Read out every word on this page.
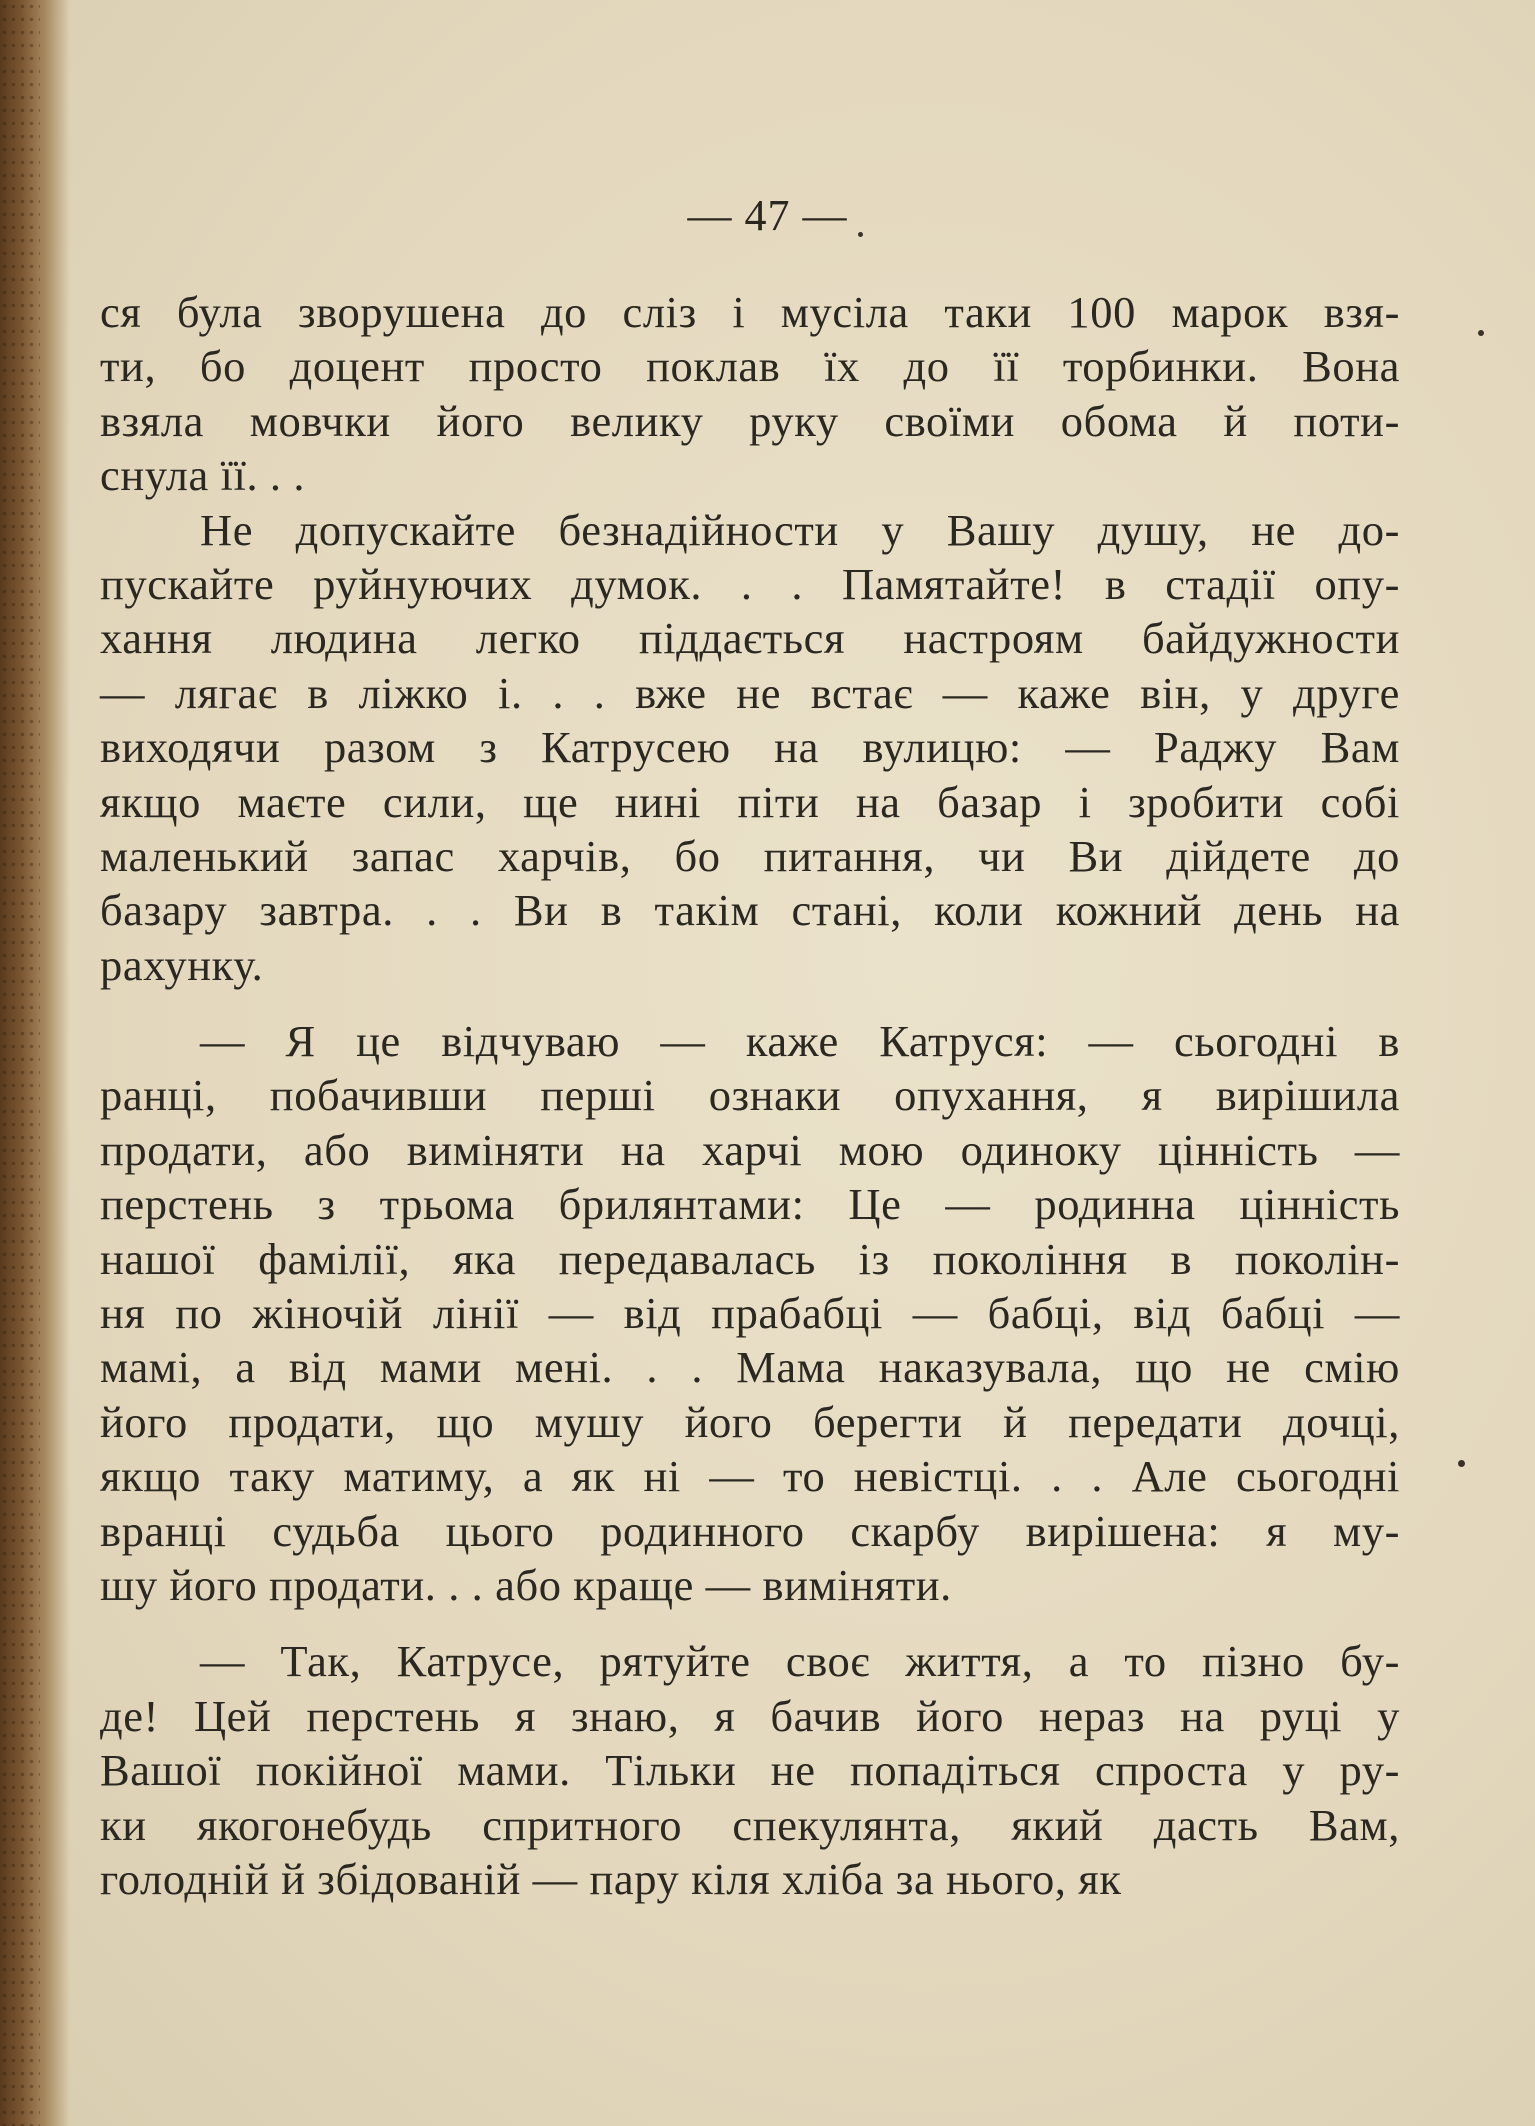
— 47 —
ся була зворушена до сліз і мусіла таки 100 марок взя-
ти, бо доцент просто поклав їх до її торбинки. Вона
взяла мовчки його велику руку своїми обома й поти-
снула її. . .
Не допускайте безнадійности у Вашу душу, не до-
пускайте руйнуючих думок. . . Памятайте! в стадії опу-
хання людина легко піддається настроям байдужности
— лягає в ліжко і. . . вже не встає — каже він, у друге
виходячи разом з Катрусею на вулицю: — Раджу Вам
якщо маєте сили, ще нині піти на базар і зробити собі
маленький запас харчів, бо питання, чи Ви дійдете до
базару завтра. . . Ви в такім стані, коли кожний день на
рахунку.
— Я це відчуваю — каже Катруся: — сьогодні в
ранці, побачивши перші ознаки опухання, я вирішила
продати, або виміняти на харчі мою одиноку цінність —
перстень з трьома брилянтами: Це — родинна цінність
нашої фамілії, яка передавалась із покоління в поколін-
ня по жіночій лінії — від прабабці — бабці, від бабці —
мамі, а від мами мені. . . Мама наказувала, що не смію
його продати, що мушу його берегти й передати дочці,
якщо таку матиму, а як ні — то невістці. . . Але сьогодні
вранці судьба цього родинного скарбу вирішена: я му-
шу його продати. . . або краще — виміняти.
— Так, Катрусе, рятуйте своє життя, а то пізно бу-
де! Цей перстень я знаю, я бачив його нераз на руці у
Вашої покійної мами. Тільки не попадіться спроста у ру-
ки якогонебудь спритного спекулянта, який дасть Вам,
голодній й збідованій — пару кіля хліба за нього, як
